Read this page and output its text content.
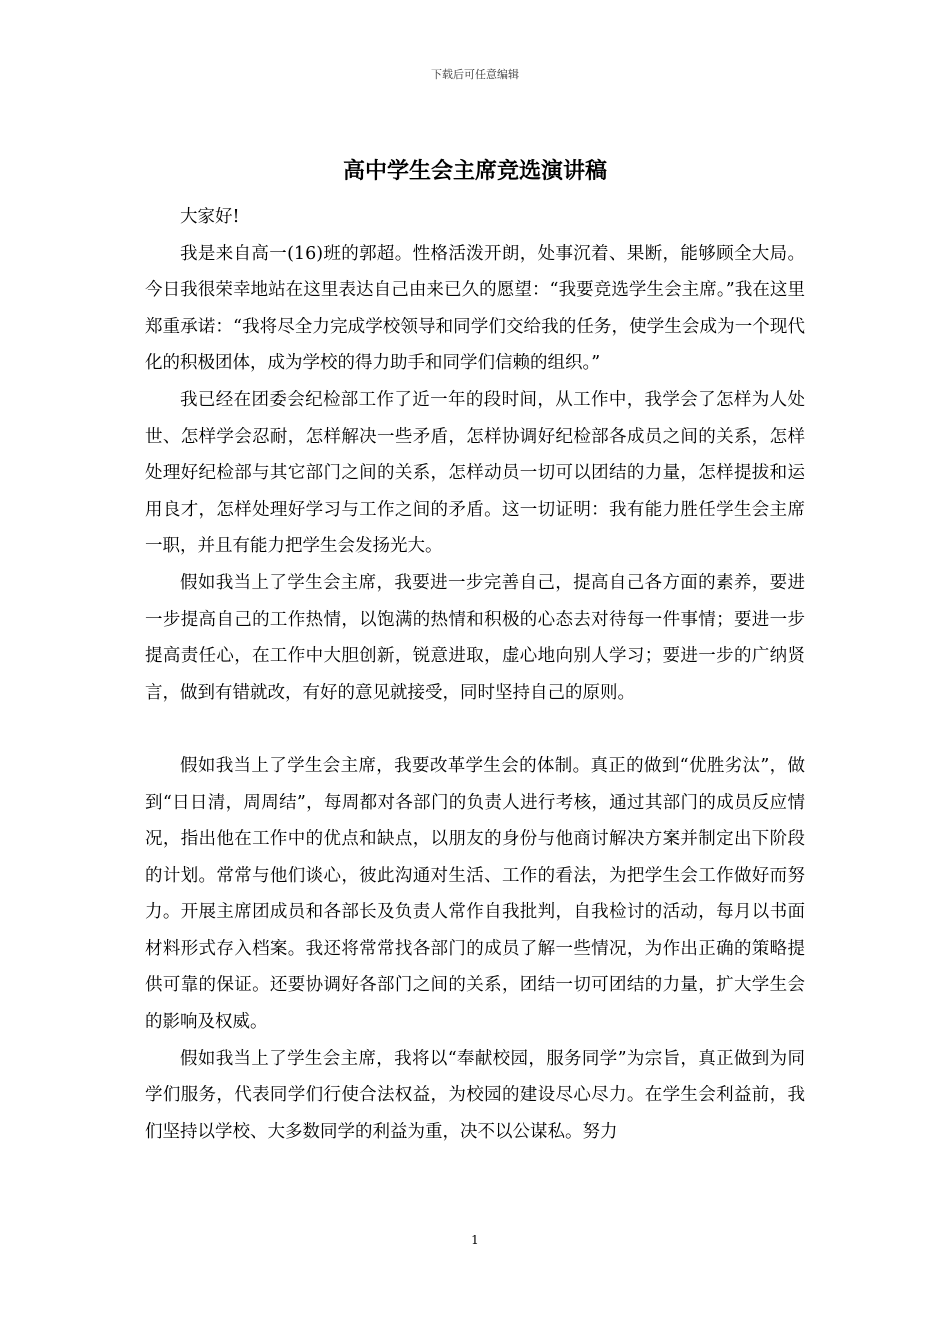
下载后可任意编辑
高中学生会主席竞选演讲稿

大家好!

我是来自高一(16)班的郭超。性格活泼开朗，处事沉着、果断，能够顾全大局。今日我很荣幸地站在这里表达自己由来已久的愿望：“我要竞选学生会主席。”我在这里郑重承诺：“我将尽全力完成学校领导和同学们交给我的任务，使学生会成为一个现代化的积极团体，成为学校的得力助手和同学们信赖的组织。”

我已经在团委会纪检部工作了近一年的段时间，从工作中，我学会了怎样为人处世、怎样学会忍耐，怎样解决一些矛盾，怎样协调好纪检部各成员之间的关系，怎样处理好纪检部与其它部门之间的关系，怎样动员一切可以团结的力量，怎样提拔和运用良才，怎样处理好学习与工作之间的矛盾。这一切证明：我有能力胜任学生会主席一职，并且有能力把学生会发扬光大。

假如我当上了学生会主席，我要进一步完善自己，提高自己各方面的素养，要进一步提高自己的工作热情，以饱满的热情和积极的心态去对待每一件事情；要进一步提高责任心，在工作中大胆创新，锐意进取，虚心地向别人学习；要进一步的广纳贤言，做到有错就改，有好的意见就接受，同时坚持自己的原则。

假如我当上了学生会主席，我要改革学生会的体制。真正的做到“优胜劣汰”，做到“日日清，周周结”，每周都对各部门的负责人进行考核，通过其部门的成员反应情况，指出他在工作中的优点和缺点，以朋友的身份与他商讨解决方案并制定出下阶段的计划。常常与他们谈心，彼此沟通对生活、工作的看法，为把学生会工作做好而努力。开展主席团成员和各部长及负责人常作自我批判，自我检讨的活动，每月以书面材料形式存入档案。我还将常常找各部门的成员了解一些情况，为作出正确的策略提供可靠的保证。还要协调好各部门之间的关系，团结一切可团结的力量，扩大学生会的影响及权威。

假如我当上了学生会主席，我将以“奉献校园，服务同学”为宗旨，真正做到为同学们服务，代表同学们行使合法权益，为校园的建设尽心尽力。在学生会利益前，我们坚持以学校、大多数同学的利益为重，决不以公谋私。努力

1
